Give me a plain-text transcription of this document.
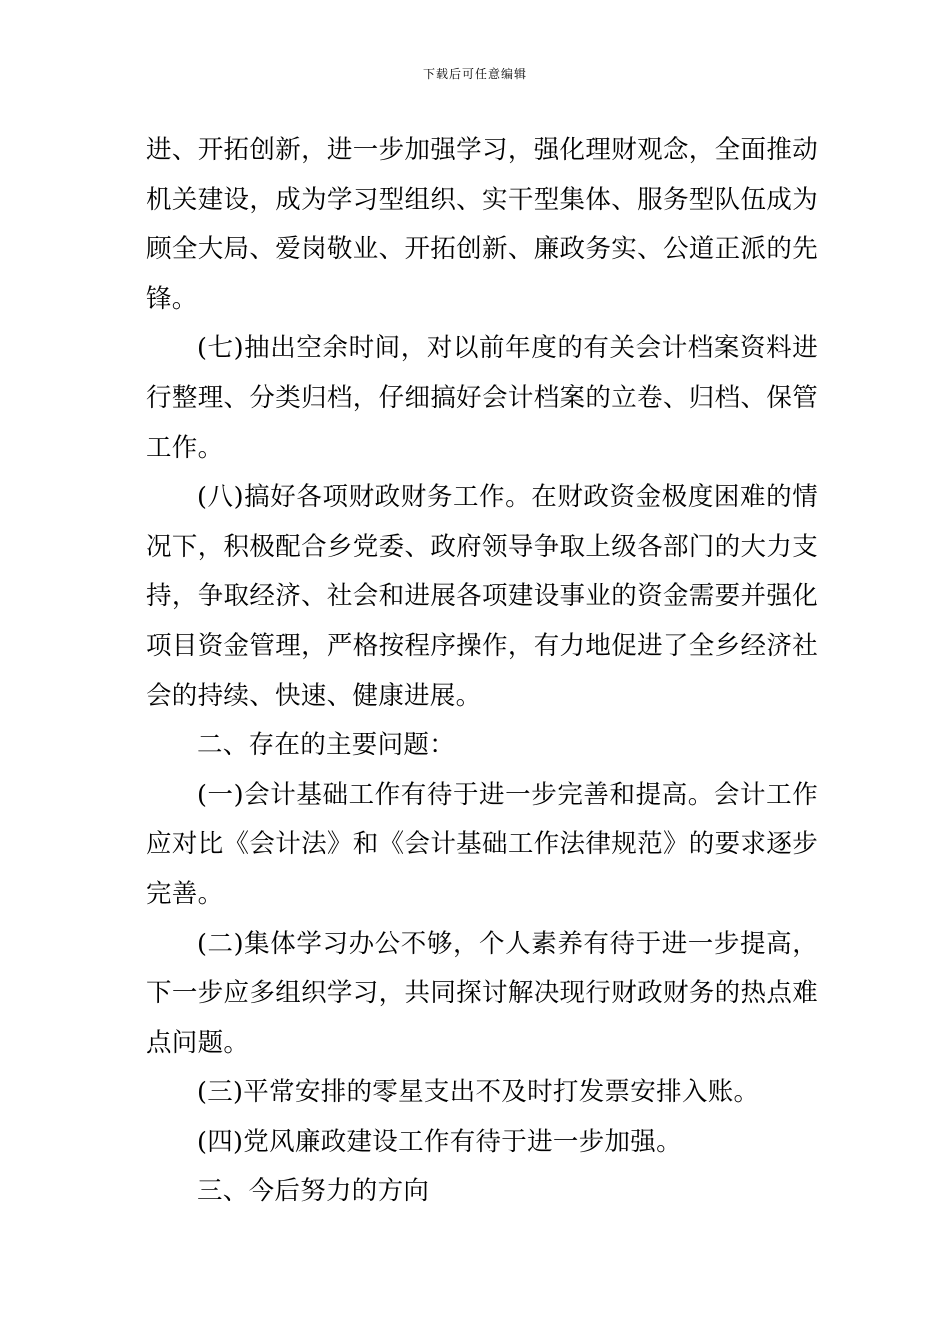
下载后可任意编辑

进、开拓创新，进一步加强学习，强化理财观念，全面推动机关建设，成为学习型组织、实干型集体、服务型队伍成为顾全大局、爱岗敬业、开拓创新、廉政务实、公道正派的先锋。

(七)抽出空余时间，对以前年度的有关会计档案资料进行整理、分类归档，仔细搞好会计档案的立卷、归档、保管工作。

(八)搞好各项财政财务工作。在财政资金极度困难的情况下，积极配合乡党委、政府领导争取上级各部门的大力支持，争取经济、社会和进展各项建设事业的资金需要并强化项目资金管理，严格按程序操作，有力地促进了全乡经济社会的持续、快速、健康进展。

二、存在的主要问题：

(一)会计基础工作有待于进一步完善和提高。会计工作应对比《会计法》和《会计基础工作法律规范》的要求逐步完善。

(二)集体学习办公不够，个人素养有待于进一步提高，下一步应多组织学习，共同探讨解决现行财政财务的热点难点问题。

(三)平常安排的零星支出不及时打发票安排入账。

(四)党风廉政建设工作有待于进一步加强。

三、今后努力的方向
